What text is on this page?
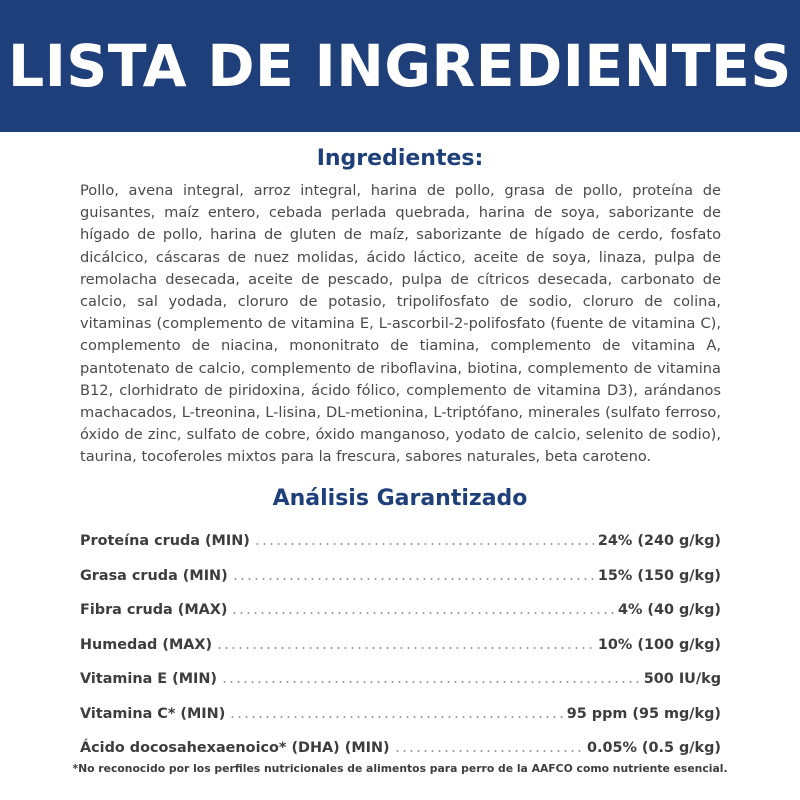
LISTA DE INGREDIENTES
Ingredientes:

Pollo, avena integral, arroz integral, harina de pollo, grasa de pollo, proteína de guisantes, maíz entero, cebada perlada quebrada, harina de soya, saborizante de hígado de pollo, harina de gluten de maíz, saborizante de hígado de cerdo, fosfato dicálcico, cáscaras de nuez molidas, ácido láctico, aceite de soya, linaza, pulpa de remolacha desecada, aceite de pescado, pulpa de cítricos desecada, carbonato de calcio, sal yodada, cloruro de potasio, tripolifosfato de sodio, cloruro de colina, vitaminas (complemento de vitamina E, L-ascorbil-2-polifosfato (fuente de vitamina C), complemento de niacina, mononitrato de tiamina, complemento de vitamina A, pantotenato de calcio, complemento de riboflavina, biotina, complemento de vitamina B12, clorhidrato de piridoxina, ácido fólico, complemento de vitamina D3), arándanos machacados, L-treonina, L-lisina, DL-metionina, L-triptófano, minerales (sulfato ferroso, óxido de zinc, sulfato de cobre, óxido manganoso, yodato de calcio, selenito de sodio), taurina, tocoferoles mixtos para la frescura, sabores naturales, beta caroteno.

Análisis Garantizado
Proteína cruda (MIN)	24% (240 g/kg)
Grasa cruda (MIN)	15% (150 g/kg)
Fibra cruda (MAX)	4% (40 g/kg)
Humedad (MAX)	10% (100 g/kg)
Vitamina E (MIN)	500 IU/kg
Vitamina C* (MIN)	95 ppm (95 mg/kg)
Ácido docosahexaenoico* (DHA) (MIN)	0.05% (0.5 g/kg)

*No reconocido por los perfiles nutricionales de alimentos para perro de la AAFCO como nutriente esencial.
